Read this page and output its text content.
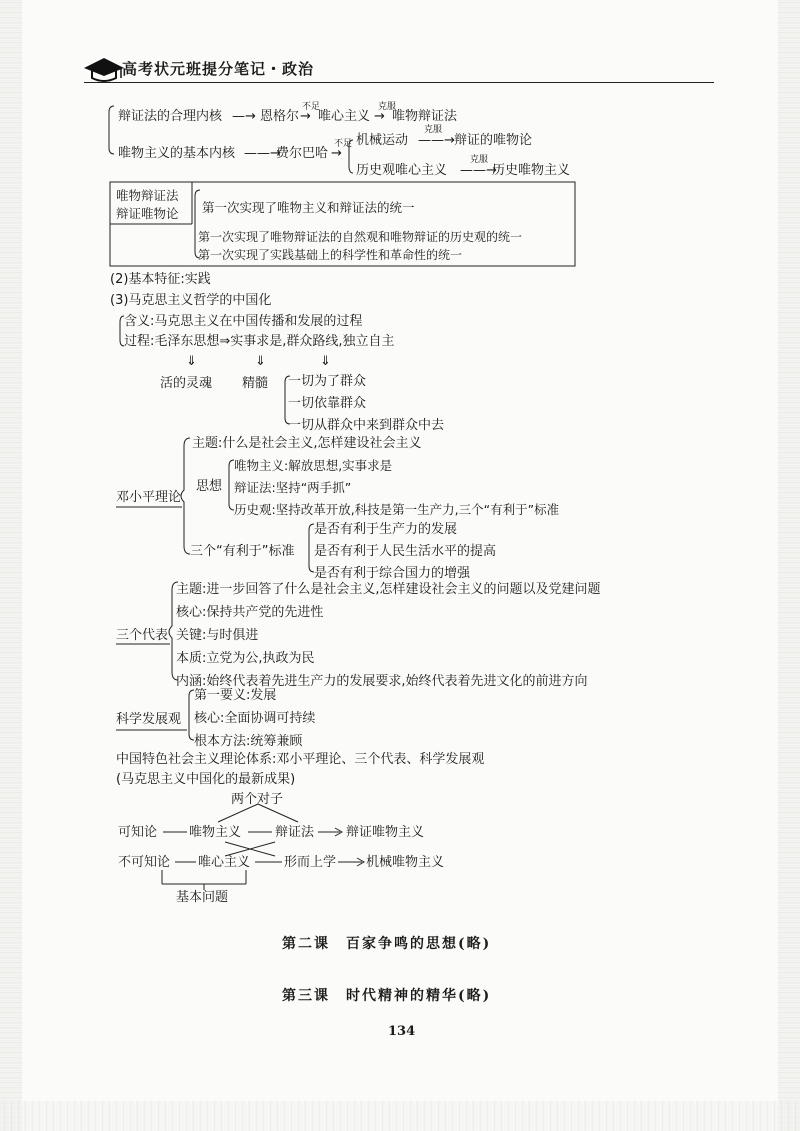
高考状元班提分笔记・政治
辩证法的合理内核 —→ 恩格尔
不足
→ 唯心主义
克服
→ 唯物辩证法
唯物主义的基本内核 ——→
费尔巴哈
不足
→
机械运动
克服
——→ 辩证的唯物论
历史观唯心主义
克服
——→
历史唯物主义
唯物辩证法
辩证唯物论 第一次实现了唯物主义和辩证法的统一
第一次实现了唯物辩证法的自然观和唯物辩证的历史观的统一
第一次实现了实践基础上的科学性和革命性的统一
(2)基本特征:实践
(3)马克思主义哲学的中国化
含义:马克思主义在中国传播和发展的过程
过程:毛泽东思想⇒实事求是,群众路线,独立自主
⇓	⇓	⇓
活的灵魂 精髓 一切为了群众
一切依靠群众
一切从群众中来到群众中去
邓小平理论
主题:什么是社会主义,怎样建设社会主义
思想
唯物主义:解放思想,实事求是
辩证法:坚持“两手抓”
历史观:坚持改革开放,科技是第一生产力,三个“有利于”标准
三个“有利于”标准
是否有利于生产力的发展
是否有利于人民生活水平的提高
是否有利于综合国力的增强
三个代表
主题:进一步回答了什么是社会主义,怎样建设社会主义的问题以及党建问题
核心:保持共产党的先进性
关键:与时俱进
本质:立党为公,执政为民
内涵:始终代表着先进生产力的发展要求,始终代表着先进文化的前进方向
科学发展观
第一要义:发展
核心:全面协调可持续
根本方法:统筹兼顾
中国特色社会主义理论体系:邓小平理论、三个代表、科学发展观
(马克思主义中国化的最新成果)
两个对子
可知论 唯物主义	辩证法 辩证唯物主义
不可知论 唯心主义	形而上学 机械唯物主义
基本问题
第二课　百家争鸣的思想(略)
第三课　时代精神的精华(略)
134
